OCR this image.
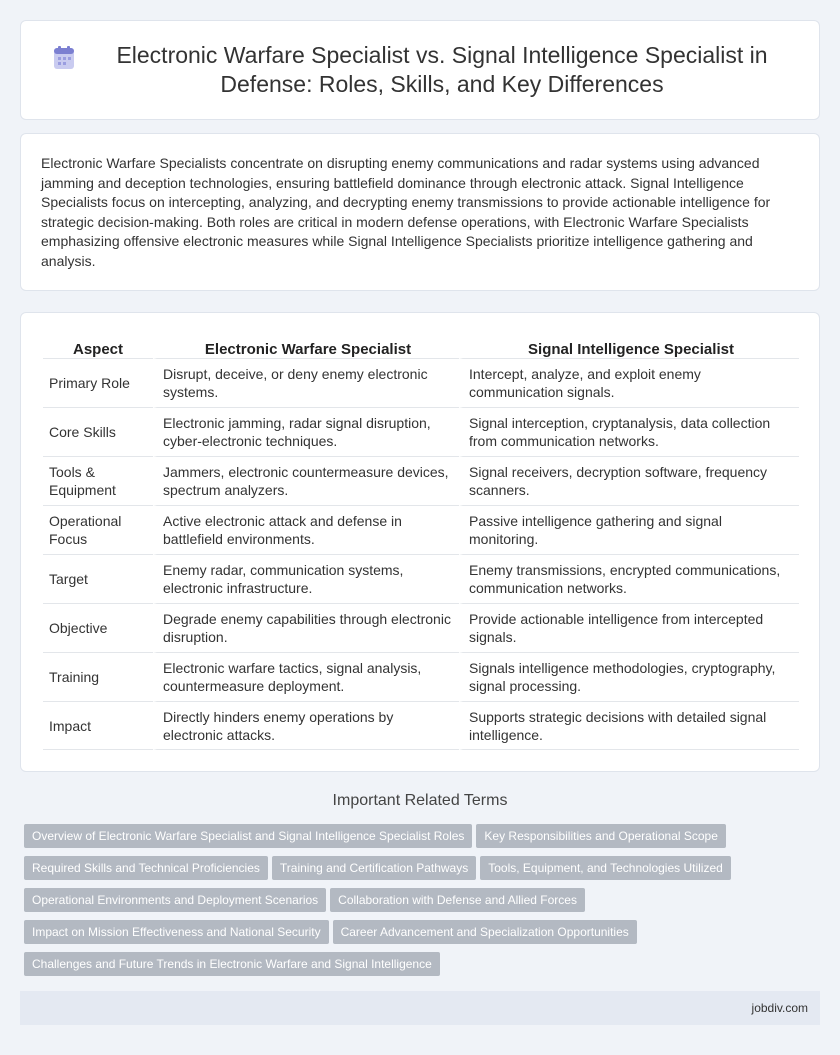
Electronic Warfare Specialist vs. Signal Intelligence Specialist in Defense: Roles, Skills, and Key Differences

Electronic Warfare Specialists concentrate on disrupting enemy communications and radar systems using advanced jamming and deception technologies, ensuring battlefield dominance through electronic attack. Signal Intelligence Specialists focus on intercepting, analyzing, and decrypting enemy transmissions to provide actionable intelligence for strategic decision-making. Both roles are critical in modern defense operations, with Electronic Warfare Specialists emphasizing offensive electronic measures while Signal Intelligence Specialists prioritize intelligence gathering and analysis.

Aspect	Electronic Warfare Specialist	Signal Intelligence Specialist
Primary Role	Disrupt, deceive, or deny enemy electronic systems.	Intercept, analyze, and exploit enemy communication signals.
Core Skills	Electronic jamming, radar signal disruption, cyber-electronic techniques.	Signal interception, cryptanalysis, data collection from communication networks.
Tools & Equipment	Jammers, electronic countermeasure devices, spectrum analyzers.	Signal receivers, decryption software, frequency scanners.
Operational Focus	Active electronic attack and defense in battlefield environments.	Passive intelligence gathering and signal monitoring.
Target	Enemy radar, communication systems, electronic infrastructure.	Enemy transmissions, encrypted communications, communication networks.
Objective	Degrade enemy capabilities through electronic disruption.	Provide actionable intelligence from intercepted signals.
Training	Electronic warfare tactics, signal analysis, countermeasure deployment.	Signals intelligence methodologies, cryptography, signal processing.
Impact	Directly hinders enemy operations by electronic attacks.	Supports strategic decisions with detailed signal intelligence.
Important Related Terms
Overview of Electronic Warfare Specialist and Signal Intelligence Specialist Roles Key Responsibilities and Operational Scope
Required Skills and Technical Proficiencies Training and Certification Pathways Tools, Equipment, and Technologies Utilized
Operational Environments and Deployment Scenarios Collaboration with Defense and Allied Forces
Impact on Mission Effectiveness and National Security Career Advancement and Specialization Opportunities
Challenges and Future Trends in Electronic Warfare and Signal Intelligence
jobdiv.com
